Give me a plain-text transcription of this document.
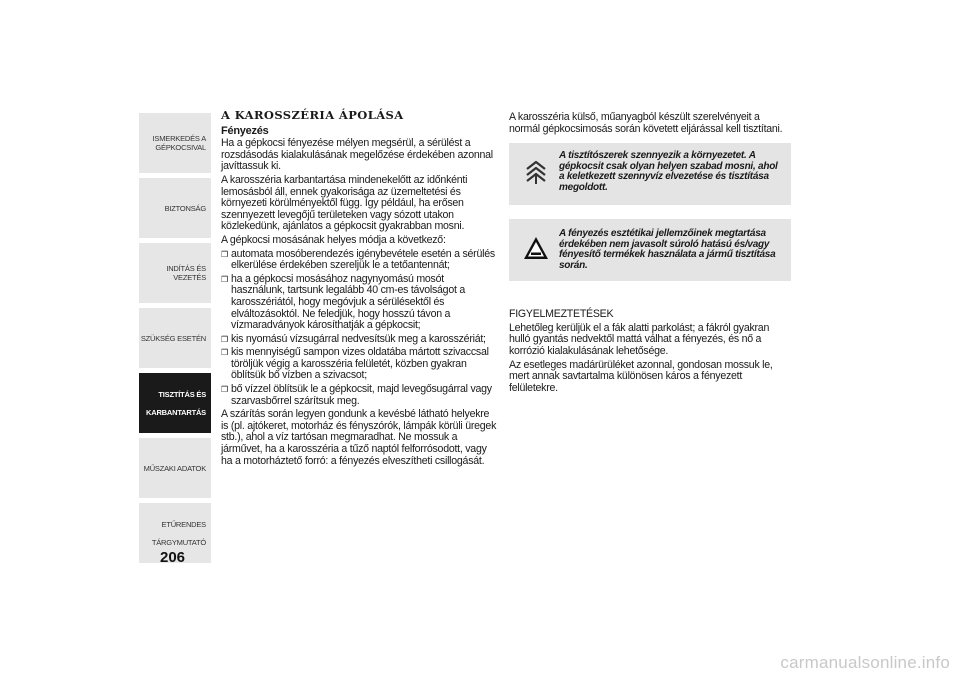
ISMERKEDÉS A
GÉPKOCSIVAL
BIZTONSÁG
INDÍTÁS ÉS VEZETÉS
SZÜKSÉG ESETÉN
TISZTÍTÁS ÉS

KARBANTARTÁS
MŰSZAKI ADATOK
ETŰRENDES

TÁRGYMUTATÓ
206
A KAROSSZÉRIA ÁPOLÁSA
Fényezés

Ha a gépkocsi fényezése mélyen megsérül, a sérülést a rozsdásodás kialakulásának megelőzése érdekében azonnal javíttassuk ki.

A karosszéria karbantartása mindenekelőtt az időnkénti lemosásból áll, ennek gyakorisága az üzemeltetési és környezeti körülményektől függ. Így például, ha erősen szennyezett levegőjű területeken vagy sózott utakon közlekedünk, ajánlatos a gépkocsit gyakrabban mosni.

A gépkocsi mosásának helyes módja a következő:

❒ automata mosóberendezés igénybevétele esetén a sérülés elkerülése érdekében szereljük le a tetőantennát;
❒ ha a gépkocsi mosásához nagynyomású mosót használunk, tartsunk legalább 40 cm-es távolságot a karosszériától, hogy megóvjuk a sérülésektől és elváltozásoktól. Ne feledjük, hogy hosszú távon a vízmaradványok károsíthatják a gépkocsit;
❒ kis nyomású vízsugárral nedvesítsük meg a karosszériát;
❒ kis mennyiségű sampon vizes oldatába mártott szivaccsal töröljük végig a karosszéria felületét, közben gyakran öblítsük bő vízben a szivacsot;
❒ bő vízzel öblítsük le a gépkocsit, majd levegősugárral vagy szarvasbőrrel szárítsuk meg.

A szárítás során legyen gondunk a kevésbé látható helyekre is (pl. ajtókeret, motorház és fényszórók, lámpák körüli üregek stb.), ahol a víz tartósan megmaradhat. Ne mossuk a járművet, ha a karosszéria a tűző naptól felforrósodott, vagy ha a motorháztető forró: a fényezés elveszítheti csillogását.

A karosszéria külső, műanyagból készült szerelvényeit a normál gépkocsimosás során követett eljárással kell tisztítani.

A tisztítószerek szennyezik a környezetet. A gépkocsit csak olyan helyen szabad mosni, ahol a keletkezett szennyvíz elvezetése és tisztítása megoldott.
A fényezés esztétikai jellemzőinek megtartása érdekében nem javasolt súroló hatású és/vagy fényesítő termékek használata a jármű tisztítása során.

FIGYELMEZTETÉSEK

Lehetőleg kerüljük el a fák alatti parkolást; a fákról gyakran hulló gyantás nedvektől mattá válhat a fényezés, és nő a korrózió kialakulásának lehetősége.

Az esetleges madárürüléket azonnal, gondosan mossuk le, mert annak savtartalma különösen káros a fényezett felületekre.

carmanualsonline.info
